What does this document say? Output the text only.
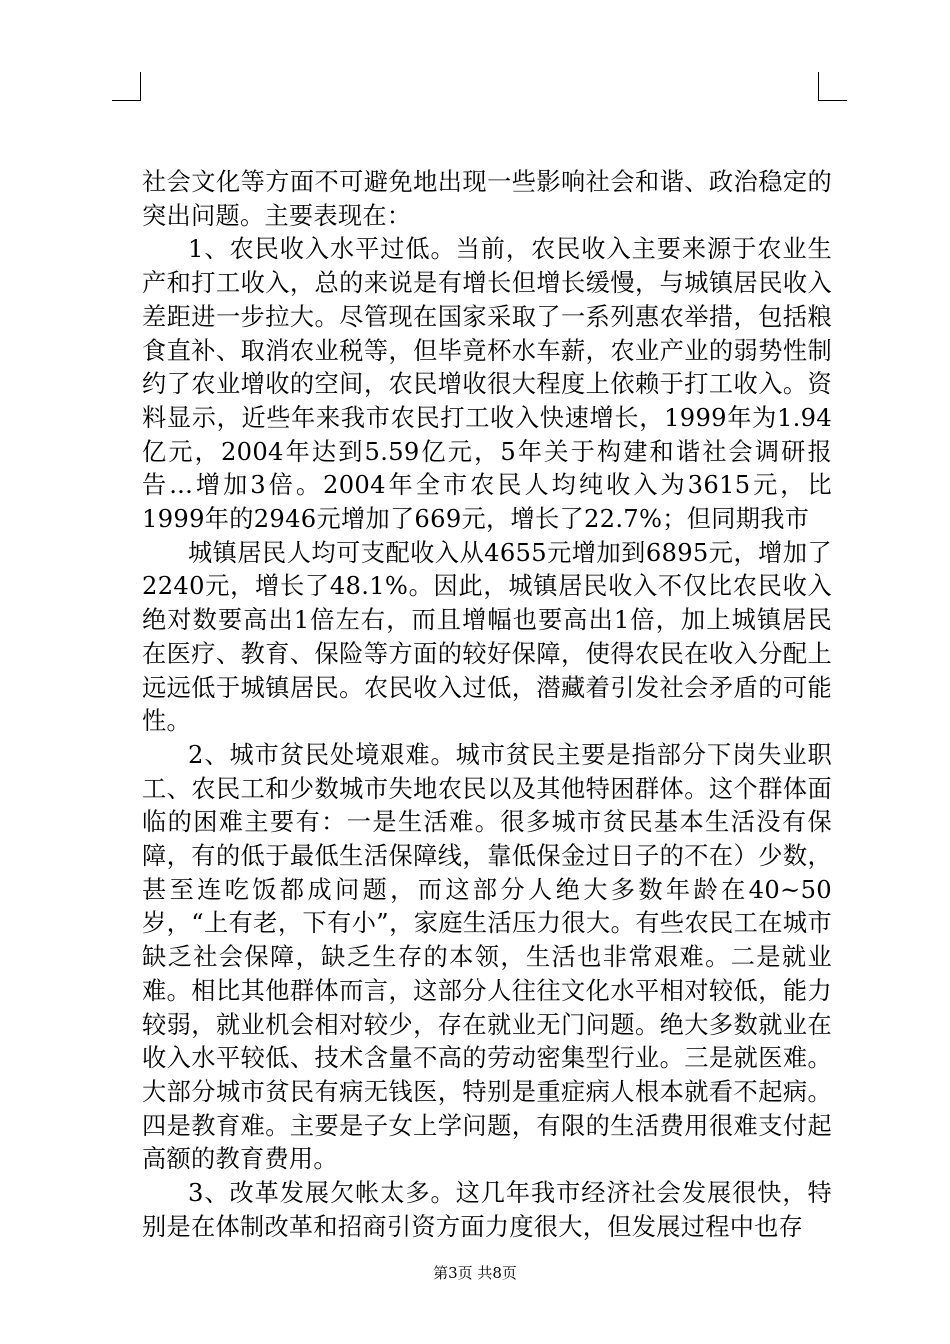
社会文化等方面不可避免地出现一些影响社会和谐、政治稳定的突出问题。主要表现在：

1、农民收入水平过低。当前，农民收入主要来源于农业生产和打工收入，总的来说是有增长但增长缓慢，与城镇居民收入差距进一步拉大。尽管现在国家采取了一系列惠农举措，包括粮食直补、取消农业税等，但毕竟杯水车薪，农业产业的弱势性制约了农业增收的空间，农民增收很大程度上依赖于打工收入。资料显示，近些年来我市农民打工收入快速增长，1999年为1.94亿元，2004年达到5.59亿元，5年关于构建和谐社会调研报告...增加3倍。2004年全市农民人均纯收入为3615元，比1999年的2946元增加了669元，增长了22.7%；但同期我市

城镇居民人均可支配收入从4655元增加到6895元，增加了2240元，增长了48.1%。因此，城镇居民收入不仅比农民收入绝对数要高出1倍左右，而且增幅也要高出1倍，加上城镇居民在医疗、教育、保险等方面的较好保障，使得农民在收入分配上远远低于城镇居民。农民收入过低，潜藏着引发社会矛盾的可能性。

2、城市贫民处境艰难。城市贫民主要是指部分下岗失业职工、农民工和少数城市失地农民以及其他特困群体。这个群体面临的困难主要有：一是生活难。很多城市贫民基本生活没有保障，有的低于最低生活保障线，靠低保金过日子的不在）少数，甚至连吃饭都成问题，而这部分人绝大多数年龄在40~50岁，“上有老，下有小”，家庭生活压力很大。有些农民工在城市缺乏社会保障，缺乏生存的本领，生活也非常艰难。二是就业难。相比其他群体而言，这部分人往往文化水平相对较低，能力较弱，就业机会相对较少，存在就业无门问题。绝大多数就业在收入水平较低、技术含量不高的劳动密集型行业。三是就医难。大部分城市贫民有病无钱医，特别是重症病人根本就看不起病。四是教育难。主要是子女上学问题，有限的生活费用很难支付起高额的教育费用。

3、改革发展欠帐太多。这几年我市经济社会发展很快，特别是在体制改革和招商引资方面力度很大，但发展过程中也存

第3页 共8页
